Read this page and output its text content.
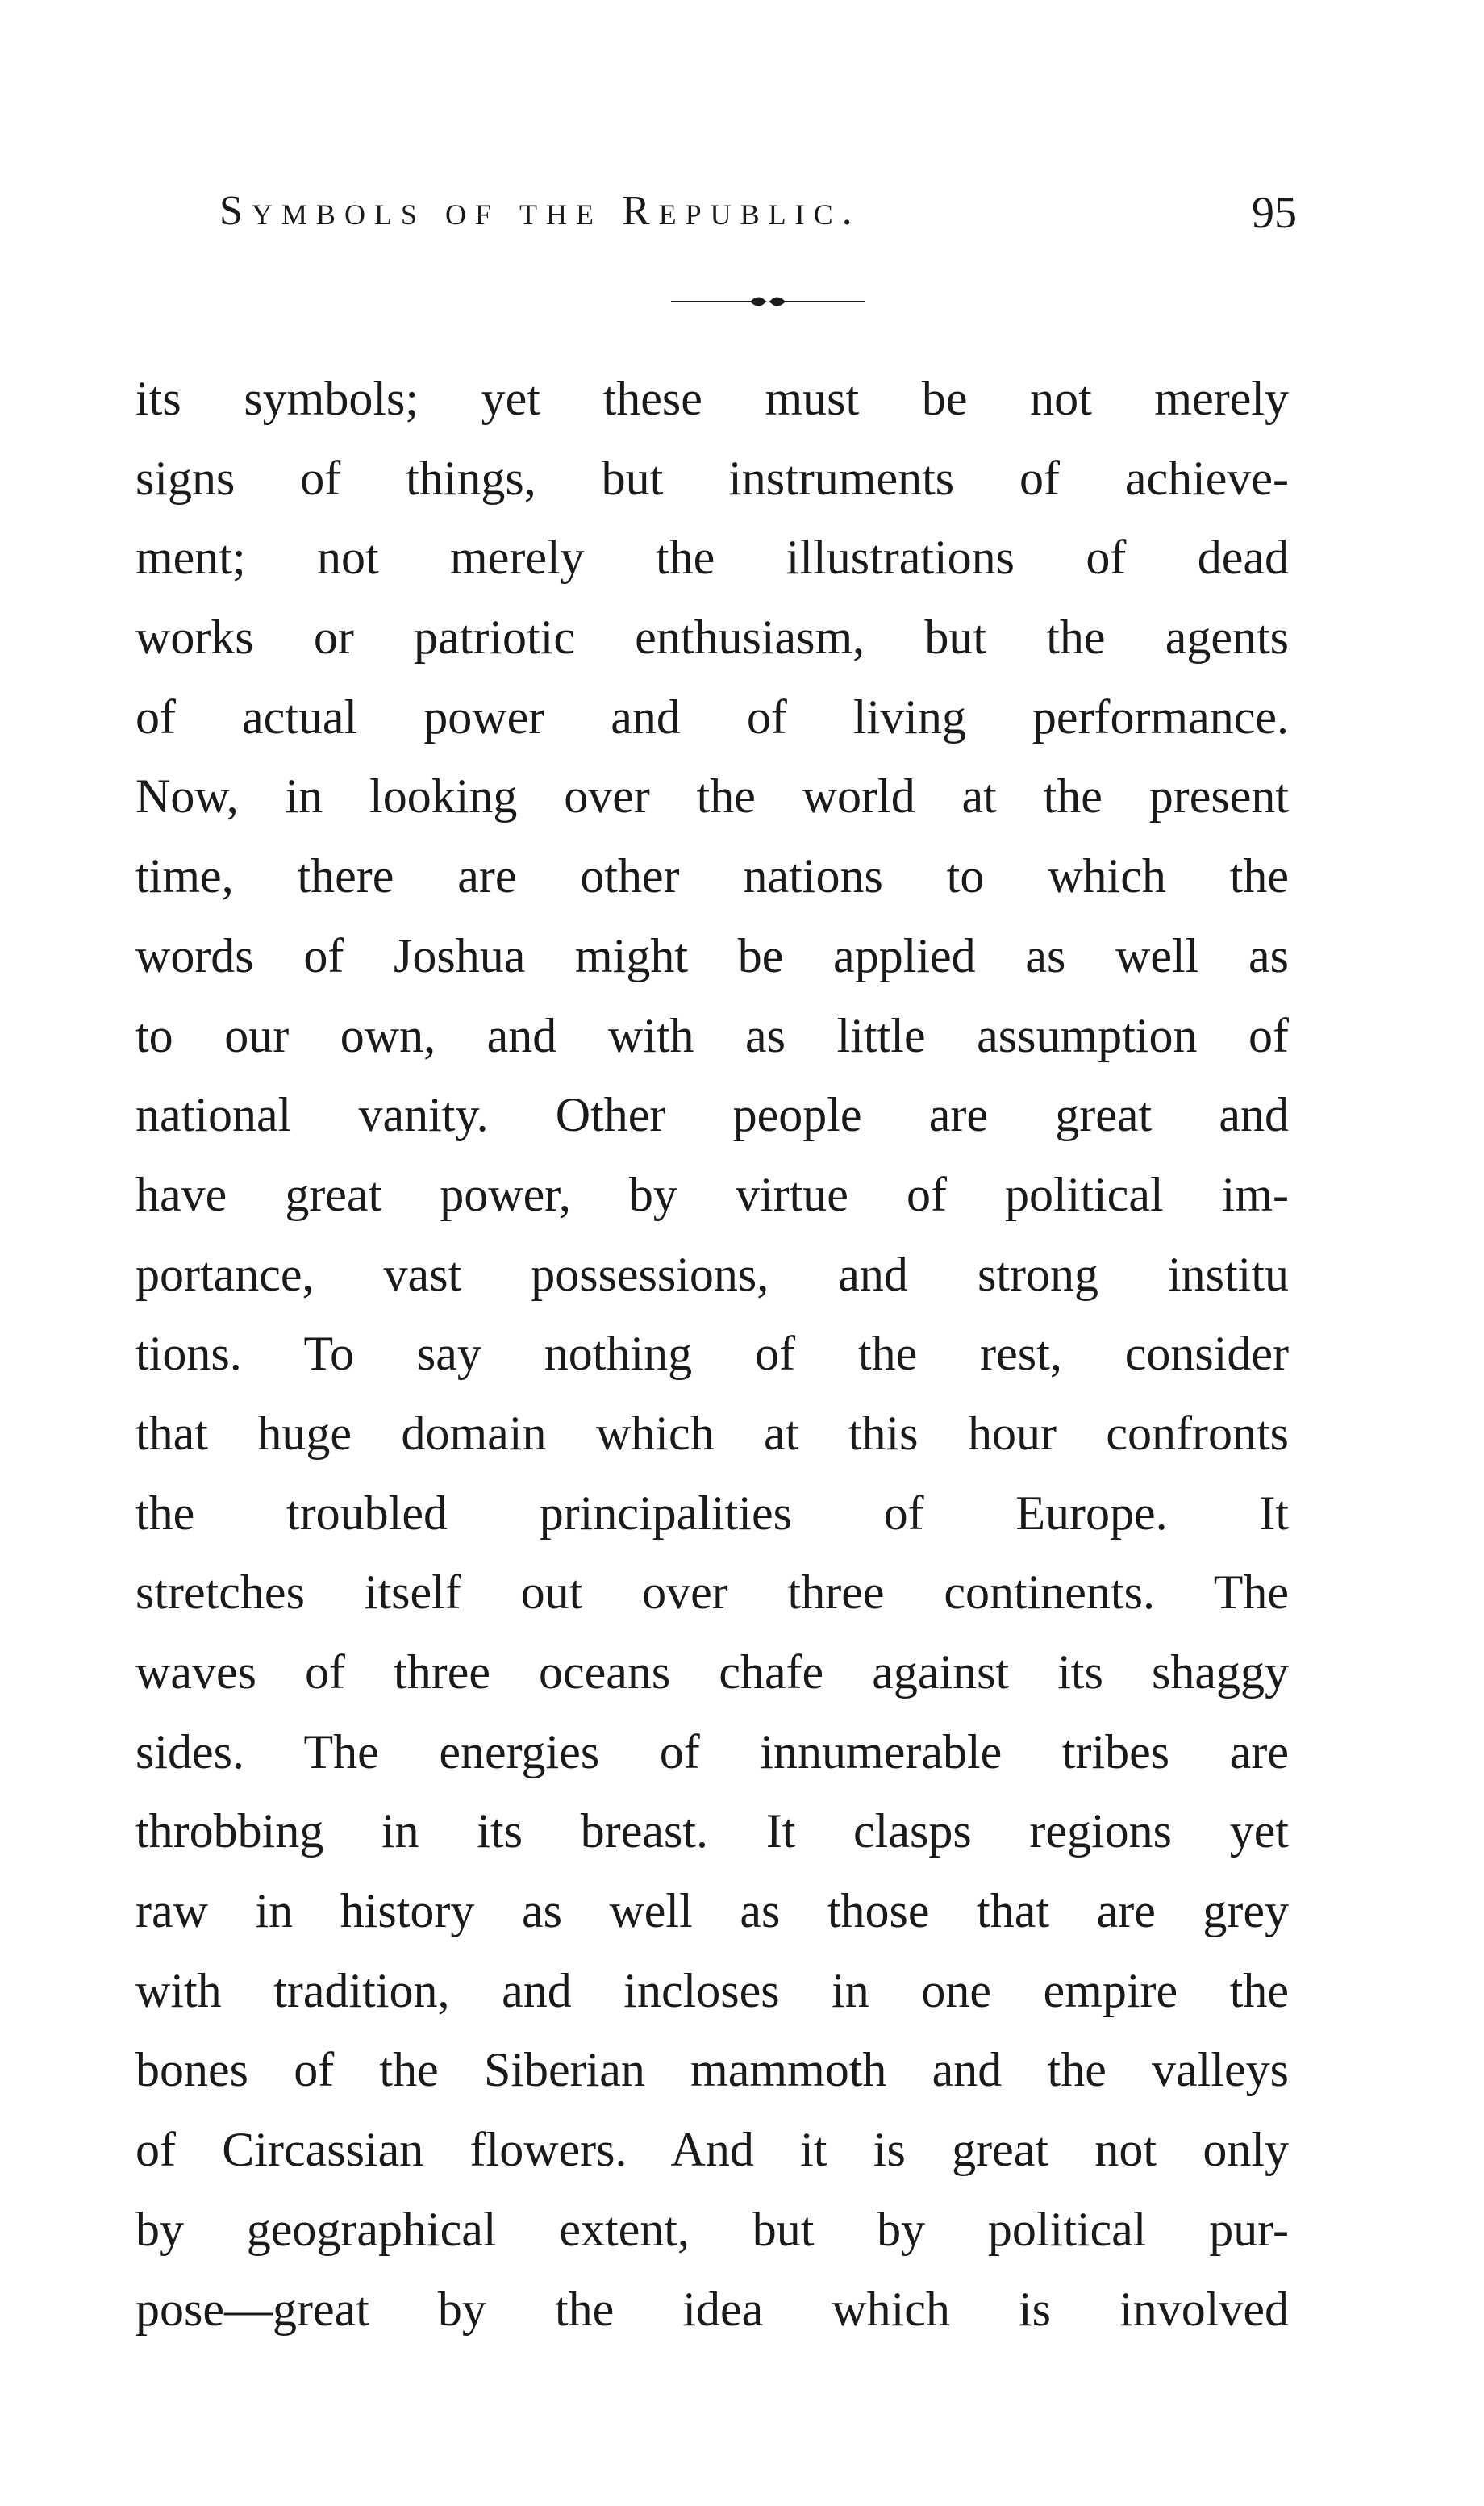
Symbols of the Republic.	95
its symbols; yet these must be not merely
signs of things, but instruments of achieve-
ment; not merely the illustrations of dead
works or patriotic enthusiasm, but the agents
of actual power and of living performance.
Now, in looking over the world at the present
time, there are other nations to which the
words of Joshua might be applied as well as
to our own, and with as little assumption of
national vanity. Other people are great and
have great power, by virtue of political im-
portance, vast possessions, and strong institu
tions. To say nothing of the rest, consider
that huge domain which at this hour confronts
the troubled principalities of Europe. It
stretches itself out over three continents. The
waves of three oceans chafe against its shaggy
sides. The energies of innumerable tribes are
throbbing in its breast. It clasps regions yet
raw in history as well as those that are grey
with tradition, and incloses in one empire the
bones of the Siberian mammoth and the valleys
of Circassian flowers. And it is great not only
by geographical extent, but by political pur-
pose—great by the idea which is involved
